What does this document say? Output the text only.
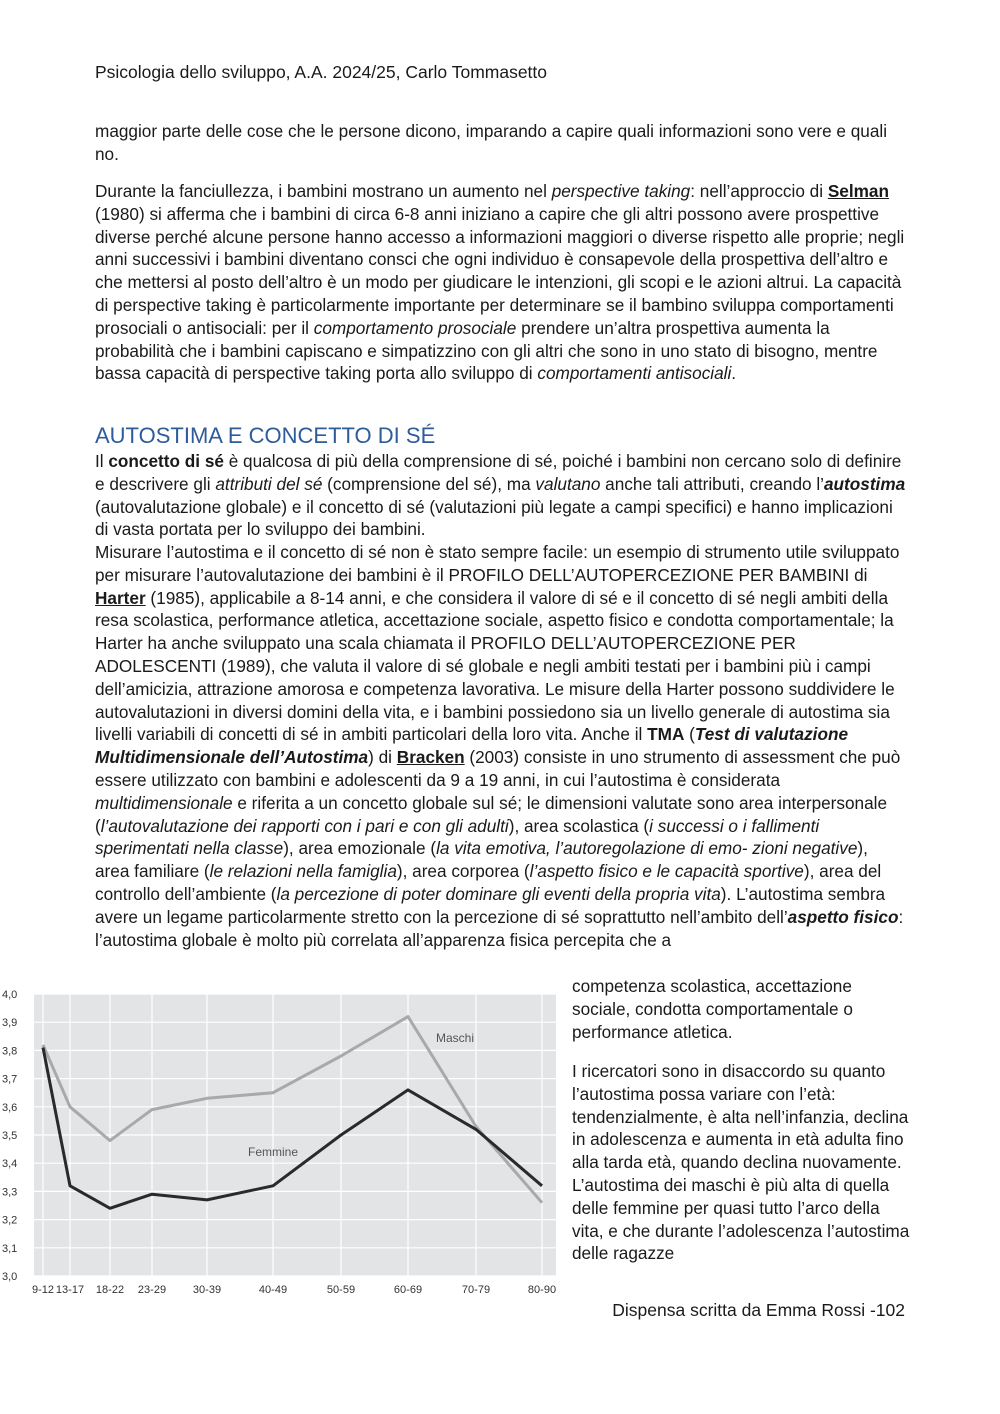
Psicologia dello sviluppo, A.A. 2024/25, Carlo Tommasetto
maggior parte delle cose che le persone dicono, imparando a capire quali informazioni sono vere e quali no.
Durante la fanciullezza, i bambini mostrano un aumento nel perspective taking: nell’approccio di Selman (1980) si afferma che i bambini di circa 6-8 anni iniziano a capire che gli altri possono avere prospettive diverse perché alcune persone hanno accesso a informazioni maggiori o diverse rispetto alle proprie; negli anni successivi i bambini diventano consci che ogni individuo è consapevole della prospettiva dell’altro e che mettersi al posto dell’altro è un modo per giudicare le intenzioni, gli scopi e le azioni altrui. La capacità di perspective taking è particolarmente importante per determinare se il bambino sviluppa comportamenti prosociali o antisociali: per il comportamento prosociale prendere un’altra prospettiva aumenta la probabilità che i bambini capiscano e simpatizzino con gli altri che sono in uno stato di bisogno, mentre bassa capacità di perspective taking porta allo sviluppo di comportamenti antisociali.
AUTOSTIMA E CONCETTO DI SÉ
Il concetto di sé è qualcosa di più della comprensione di sé, poiché i bambini non cercano solo di definire e descrivere gli attributi del sé (comprensione del sé), ma valutano anche tali attributi, creando l’autostima (autovalutazione globale) e il concetto di sé (valutazioni più legate a campi specifici) e hanno implicazioni di vasta portata per lo sviluppo dei bambini.
Misurare l’autostima e il concetto di sé non è stato sempre facile: un esempio di strumento utile sviluppato per misurare l’autovalutazione dei bambini è il PROFILO DELL’AUTOPERCEZIONE PER BAMBINI di Harter (1985), applicabile a 8-14 anni, e che considera il valore di sé e il concetto di sé negli ambiti della resa scolastica, performance atletica, accettazione sociale, aspetto fisico e condotta comportamentale; la Harter ha anche sviluppato una scala chiamata il PROFILO DELL’AUTOPERCEZIONE PER ADOLESCENTI (1989), che valuta il valore di sé globale e negli ambiti testati per i bambini più i campi dell’amicizia, attrazione amorosa e competenza lavorativa. Le misure della Harter possono suddividere le autovalutazioni in diversi domini della vita, e i bambini possiedono sia un livello generale di autostima sia livelli variabili di concetti di sé in ambiti particolari della loro vita. Anche il TMA (Test di valutazione Multidimensionale dell’Autostima) di Bracken (2003) consiste in uno strumento di assessment che può essere utilizzato con bambini e adolescenti da 9 a 19 anni, in cui l’autostima è considerata multidimensionale e riferita a un concetto globale sul sé; le dimensioni valutate sono area interpersonale (l’autovalutazione dei rapporti con i pari e con gli adulti), area scolastica (i successi o i fallimenti sperimentati nella classe), area emozionale (la vita emotiva, l’autoregolazione di emo- zioni negative), area familiare (le relazioni nella famiglia), area corporea (l’aspetto fisico e le capacità sportive), area del controllo dell’ambiente (la percezione di poter dominare gli eventi della propria vita). L’autostima sembra avere un legame particolarmente stretto con la percezione di sé soprattutto nell’ambito dell’aspetto fisico: l’autostima globale è molto più correlata all’apparenza fisica percepita che a
competenza scolastica, accettazione sociale, condotta comportamentale o performance atletica.
I ricercatori sono in disaccordo su quanto l’autostima possa variare con l’età: tendenzialmente, è alta nell’infanzia, declina in adolescenza e aumenta in età adulta fino alla tarda età, quando declina nuovamente. L’autostima dei maschi è più alta di quella delle femmine per quasi tutto l’arco della vita, e che durante l’adolescenza l’autostima delle ragazze
4,0
3,9
3,8
3,7
3,6
3,5
3,4
3,3
3,2
3,1
3,0
9-12 13-17 18-22 23-29 30-39	40-49	50-59	60-69	70-79	80-90
Maschi
Femmine
Dispensa scritta da Emma Rossi -102
